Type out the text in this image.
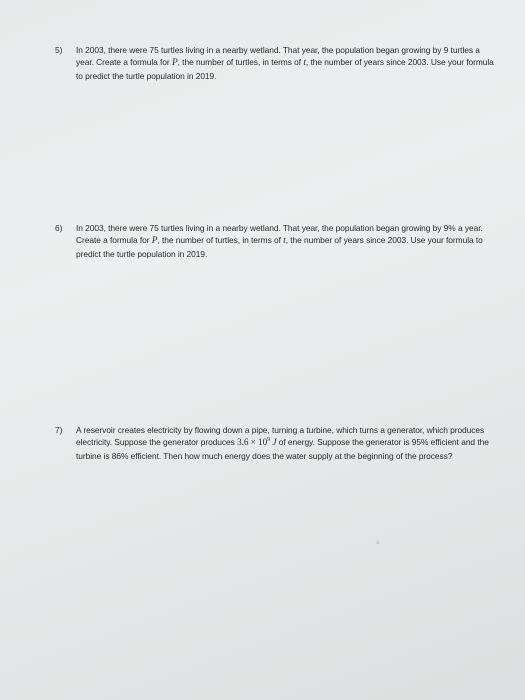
5) In 2003, there were 75 turtles living in a nearby wetland. That year, the population began growing by 9 turtles a year. Create a formula for P, the number of turtles, in terms of t, the number of years since 2003. Use your formula to predict the turtle population in 2019.
6) In 2003, there were 75 turtles living in a nearby wetland. That year, the population began growing by 9% a year. Create a formula for P, the number of turtles, in terms of t, the number of years since 2003. Use your formula to predict the turtle population in 2019.
7) A reservoir creates electricity by flowing down a pipe, turning a turbine, which turns a generator, which produces electricity. Suppose the generator produces $3.6 \times 10^9$ J of energy. Suppose the generator is 95% efficient and the turbine is 86% efficient. Then how much energy does the water supply at the beginning of the process?
a
